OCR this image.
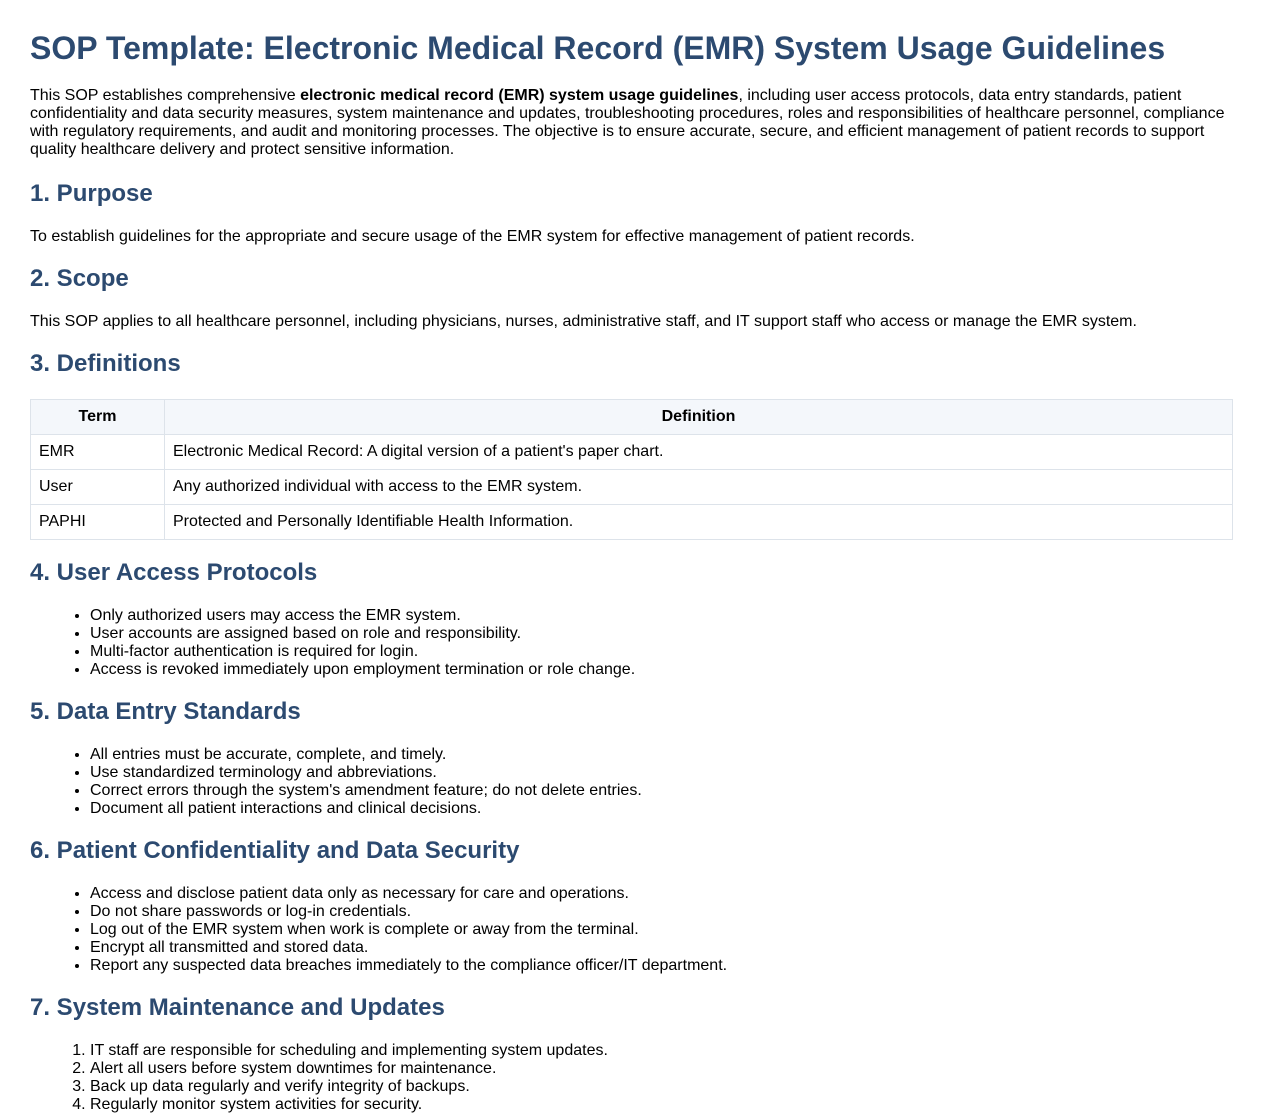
SOP Template: Electronic Medical Record (EMR) System Usage Guidelines

This SOP establishes comprehensive electronic medical record (EMR) system usage guidelines, including user access protocols, data entry standards, patient confidentiality and data security measures, system maintenance and updates, troubleshooting procedures, roles and responsibilities of healthcare personnel, compliance with regulatory requirements, and audit and monitoring processes. The objective is to ensure accurate, secure, and efficient management of patient records to support quality healthcare delivery and protect sensitive information.

1. Purpose

To establish guidelines for the appropriate and secure usage of the EMR system for effective management of patient records.

2. Scope

This SOP applies to all healthcare personnel, including physicians, nurses, administrative staff, and IT support staff who access or manage the EMR system.

3. Definitions
Term	Definition
EMR	Electronic Medical Record: A digital version of a patient's paper chart.
User	Any authorized individual with access to the EMR system.
PAPHI	Protected and Personally Identifiable Health Information.
4. User Access Protocols
• Only authorized users may access the EMR system.
• User accounts are assigned based on role and responsibility.
• Multi-factor authentication is required for login.
• Access is revoked immediately upon employment termination or role change.
5. Data Entry Standards
• All entries must be accurate, complete, and timely.
• Use standardized terminology and abbreviations.
• Correct errors through the system's amendment feature; do not delete entries.
• Document all patient interactions and clinical decisions.
6. Patient Confidentiality and Data Security
• Access and disclose patient data only as necessary for care and operations.
• Do not share passwords or log-in credentials.
• Log out of the EMR system when work is complete or away from the terminal.
• Encrypt all transmitted and stored data.
• Report any suspected data breaches immediately to the compliance officer/IT department.
7. System Maintenance and Updates
1. IT staff are responsible for scheduling and implementing system updates.
2. Alert all users before system downtimes for maintenance.
3. Back up data regularly and verify integrity of backups.
4. Regularly monitor system activities for security.
